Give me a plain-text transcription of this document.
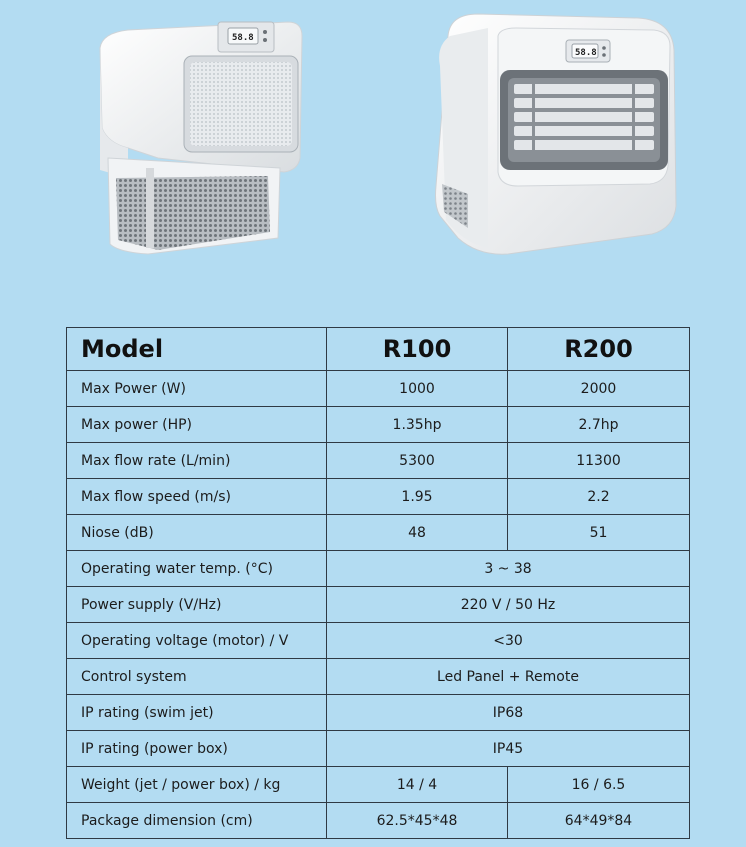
58.8
58.8
Model	R100	R200
Max Power (W)	1000	2000
Max power (HP)	1.35hp	2.7hp
Max flow rate (L/min)	5300	11300
Max flow speed (m/s)	1.95	2.2
Niose (dB)	48	51
Operating water temp. (°C)	3 ~ 38	
Power supply (V/Hz)	220 V / 50 Hz	
Operating voltage (motor) / V	<30	
Control system	Led Panel + Remote	
IP rating (swim jet)	IP68	
IP rating (power box)	IP45	
Weight (jet / power box) / kg	14 / 4	16 / 6.5
Package dimension (cm)	62.5*45*48	64*49*84
